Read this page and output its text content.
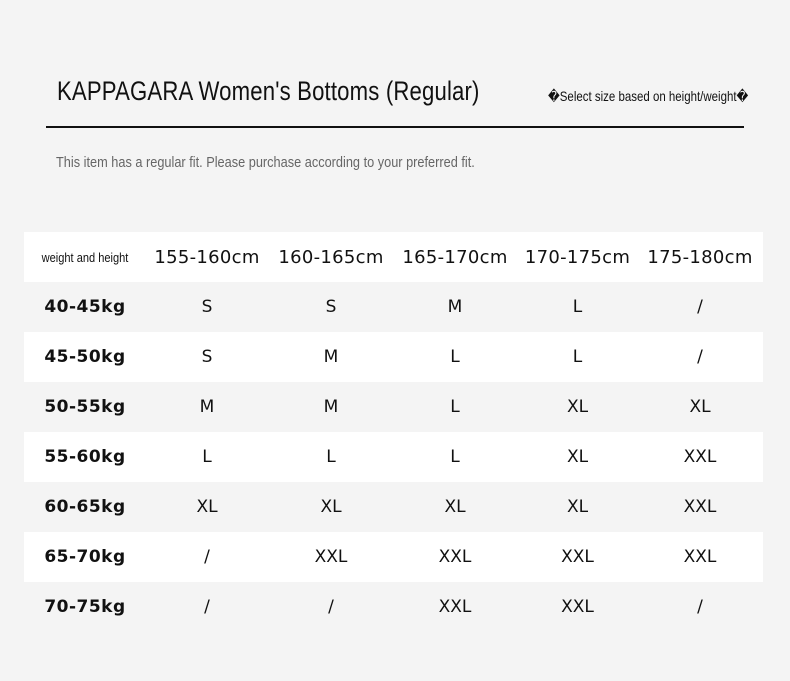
KAPPAGARA Women's Bottoms (Regular)	�Select size based on height/weight�
This item has a regular fit. Please purchase according to your preferred fit.
weight and height	155-160cm	160-165cm	165-170cm 170-175cm 175-180cm
40-45kg	S	S	M	L	/
45-50kg	S	M	L	L	/
50-55kg	M	M	L	XL	XL
55-60kg	L	L	L	XL	XXL
60-65kg	XL	XL	XL	XL	XXL
65-70kg	/	XXL	XXL	XXL	XXL
70-75kg	/	/	XXL	XXL	/
